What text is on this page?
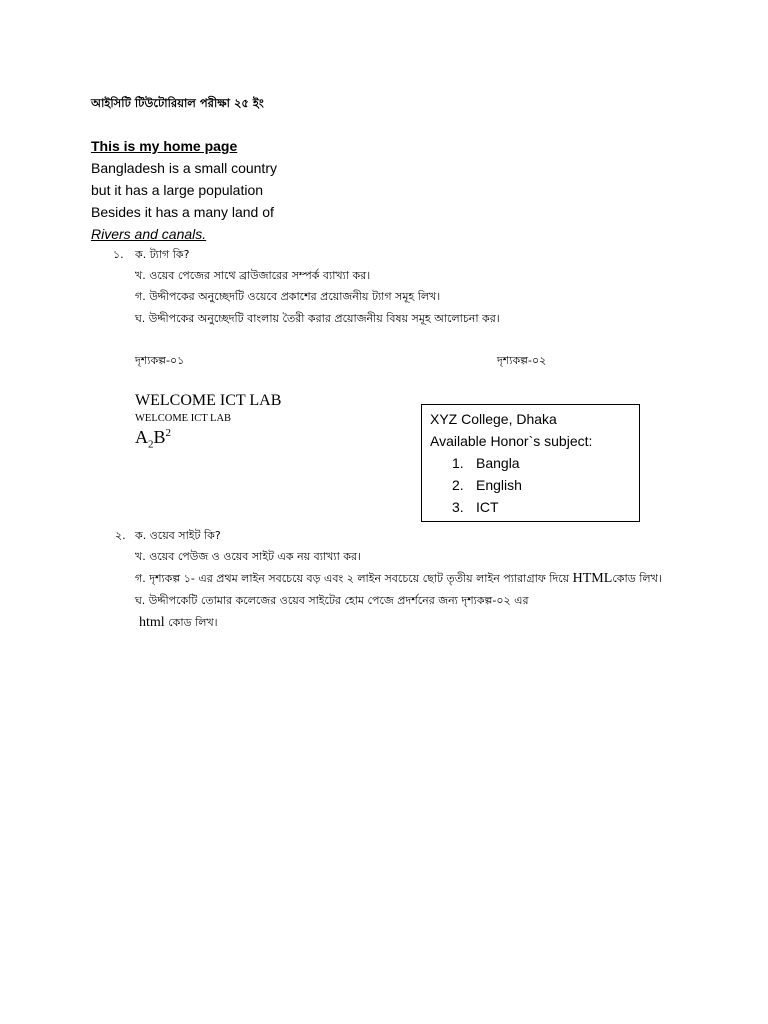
আইসিটি টিউটোরিয়াল পরীক্ষা ২৫ ইং
This is my home page
Bangladesh is a small country
but it has a large population
Besides it has a many land of
Rivers and canals.
১. ক. ট্যাগ কি?
খ. ওয়েব পেজের সাথে ব্রাউজারের সম্পর্ক ব্যাখ্যা কর।
গ. উদ্দীপকের অনুচ্ছেদটি ওয়েবে প্রকাশের প্রয়োজনীয় ট্যাগ সমূহ লিখ।
ঘ. উদ্দীপকের অনুচ্ছেদটি বাংলায় তৈরী করার প্রয়োজনীয় বিষয় সমূহ আলোচনা কর।
দৃশ্যকল্প-০১	দৃশ্যকল্প-০২
WELCOME ICT LAB
WELCOME ICT LAB
$A_2B^2$
XYZ College, Dhaka
Available Honor`s subject:
1. Bangla
2. English
3. ICT
২. ক. ওয়েব সাইট কি?
খ. ওয়েব পেউজ ও ওয়েব সাইট এক নয় ব্যাখ্যা কর।
গ. দৃশ্যকল্প ১- এর প্রথম লাইন সবচেয়ে বড় এবং ২ লাইন সবচেয়ে ছোট তৃতীয় লাইন প্যারাগ্রাফ দিয়ে HTMLকোড লিখ।
ঘ. উদ্দীপকেটি তোমার কলেজের ওয়েব সাইটের হোম পেজে প্রদর্শনের জন্য দৃশ্যকল্প-০২ এর
html কোড লিখ।
